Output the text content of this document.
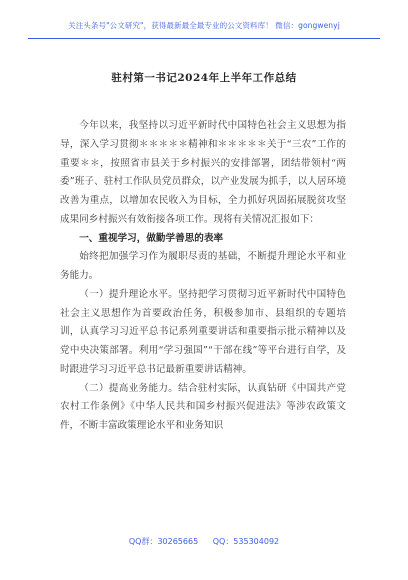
关注头条号"公文研究"，获得最新最全最专业的公文资料库！ 微信：gongwenyj
驻村第一书记2024年上半年工作总结

今年以来，我坚持以习近平新时代中国特色社会主义思想为指导，深入学习贯彻＊＊＊＊＊精神和＊＊＊＊＊关于“三农”工作的重要＊＊，按照省市县关于乡村振兴的安排部署，团结带领村“两委”班子、驻村工作队员党员群众，以产业发展为抓手，以人居环境改善为重点，以增加农民收入为目标，全力抓好巩固拓展脱贫攻坚成果同乡村振兴有效衔接各项工作。现将有关情况汇报如下：

一、重视学习，做勤学善思的表率

始终把加强学习作为履职尽责的基础，不断提升理论水平和业务能力。

（一）提升理论水平。坚持把学习贯彻习近平新时代中国特色社会主义思想作为首要政治任务，积极参加市、县组织的专题培训，认真学习习近平总书记系列重要讲话和重要指示批示精神以及党中央决策部署。利用“学习强国”“干部在线”等平台进行自学，及时跟进学习习近平总书记最新重要讲话精神。

（二）提高业务能力。结合驻村实际，认真钻研《中国共产党农村工作条例》《中华人民共和国乡村振兴促进法》等涉农政策文件，不断丰富政策理论水平和业务知识

QQ群：30265665 QQ：535304092
